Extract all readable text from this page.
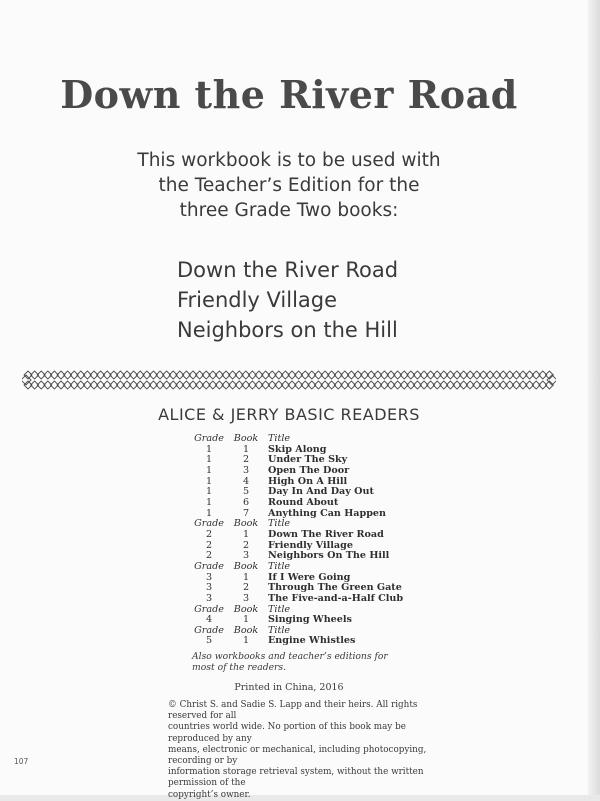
Down the River Road
This workbook is to be used with
the Teacher’s Edition for the
three Grade Two books:
Down the River Road
Friendly Village
Neighbors on the Hill
ALICE & JERRY BASIC READERS
Grade	Book	Title
1	1	Skip Along
1	2	Under The Sky
1	3	Open The Door
1	4	High On A Hill
1	5	Day In And Day Out
1	6	Round About
1	7	Anything Can Happen
Grade	Book	Title
2	1	Down The River Road
2	2	Friendly Village
2	3	Neighbors On The Hill
Grade	Book	Title
3	1	If I Were Going
3	2	Through The Green Gate
3	3	The Five-and-a-Half Club
Grade	Book	Title
4	1	Singing Wheels
Grade	Book	Title
5	1	Engine Whistles
Also workbooks and teacher’s editions for
most of the readers.
Printed in China, 2016
© Christ S. and Sadie S. Lapp and their heirs. All rights reserved for all
countries world wide. No portion of this book may be reproduced by any
means, electronic or mechanical, including photocopying, recording or by
information storage retrieval system, without the written permission of the
copyright’s owner.
107
